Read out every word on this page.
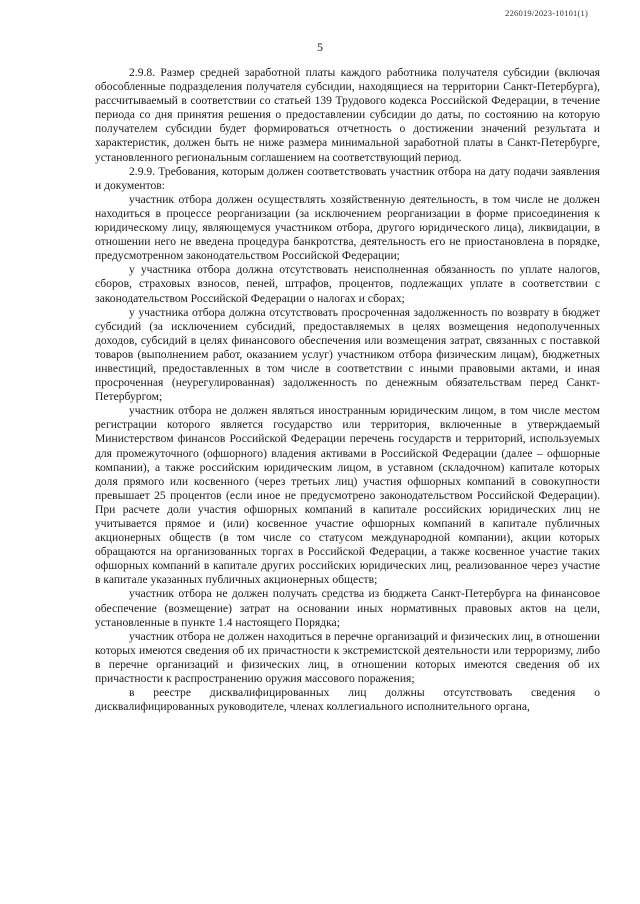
226019/2023-10101(1)
5

2.9.8. Размер средней заработной платы каждого работника получателя субсидии (включая обособленные подразделения получателя субсидии, находящиеся на территории Санкт-Петербурга), рассчитываемый в соответствии со статьей 139 Трудового кодекса Российской Федерации, в течение периода со дня принятия решения о предоставлении субсидии до даты, по состоянию на которую получателем субсидии будет формироваться отчетность о достижении значений результата и характеристик, должен быть не ниже размера минимальной заработной платы в Санкт-Петербурге, установленного региональным соглашением на соответствующий период.

2.9.9. Требования, которым должен соответствовать участник отбора на дату подачи заявления и документов:

участник отбора должен осуществлять хозяйственную деятельность, в том числе не должен находиться в процессе реорганизации (за исключением реорганизации в форме присоединения к юридическому лицу, являющемуся участником отбора, другого юридического лица), ликвидации, в отношении него не введена процедура банкротства, деятельность его не приостановлена в порядке, предусмотренном законодательством Российской Федерации;

у участника отбора должна отсутствовать неисполненная обязанность по уплате налогов, сборов, страховых взносов, пеней, штрафов, процентов, подлежащих уплате в соответствии с законодательством Российской Федерации о налогах и сборах;

у участника отбора должна отсутствовать просроченная задолженность по возврату в бюджет субсидий (за исключением субсидий, предоставляемых в целях возмещения недополученных доходов, субсидий в целях финансового обеспечения или возмещения затрат, связанных с поставкой товаров (выполнением работ, оказанием услуг) участником отбора физическим лицам), бюджетных инвестиций, предоставленных в том числе в соответствии с иными правовыми актами, и иная просроченная (неурегулированная) задолженность по денежным обязательствам перед Санкт-Петербургом;

участник отбора не должен являться иностранным юридическим лицом, в том числе местом регистрации которого является государство или территория, включенные в утверждаемый Министерством финансов Российской Федерации перечень государств и территорий, используемых для промежуточного (офшорного) владения активами в Российской Федерации (далее – офшорные компании), а также российским юридическим лицом, в уставном (складочном) капитале которых доля прямого или косвенного (через третьих лиц) участия офшорных компаний в совокупности превышает 25 процентов (если иное не предусмотрено законодательством Российской Федерации). При расчете доли участия офшорных компаний в капитале российских юридических лиц не учитывается прямое и (или) косвенное участие офшорных компаний в капитале публичных акционерных обществ (в том числе со статусом международной компании), акции которых обращаются на организованных торгах в Российской Федерации, а также косвенное участие таких офшорных компаний в капитале других российских юридических лиц, реализованное через участие в капитале указанных публичных акционерных обществ;

участник отбора не должен получать средства из бюджета Санкт-Петербурга на финансовое обеспечение (возмещение) затрат на основании иных нормативных правовых актов на цели, установленные в пункте 1.4 настоящего Порядка;

участник отбора не должен находиться в перечне организаций и физических лиц, в отношении которых имеются сведения об их причастности к экстремистской деятельности или терроризму, либо в перечне организаций и физических лиц, в отношении которых имеются сведения об их причастности к распространению оружия массового поражения;

в реестре дисквалифицированных лиц должны отсутствовать сведения о дисквалифицированных руководителе, членах коллегиального исполнительного органа,
